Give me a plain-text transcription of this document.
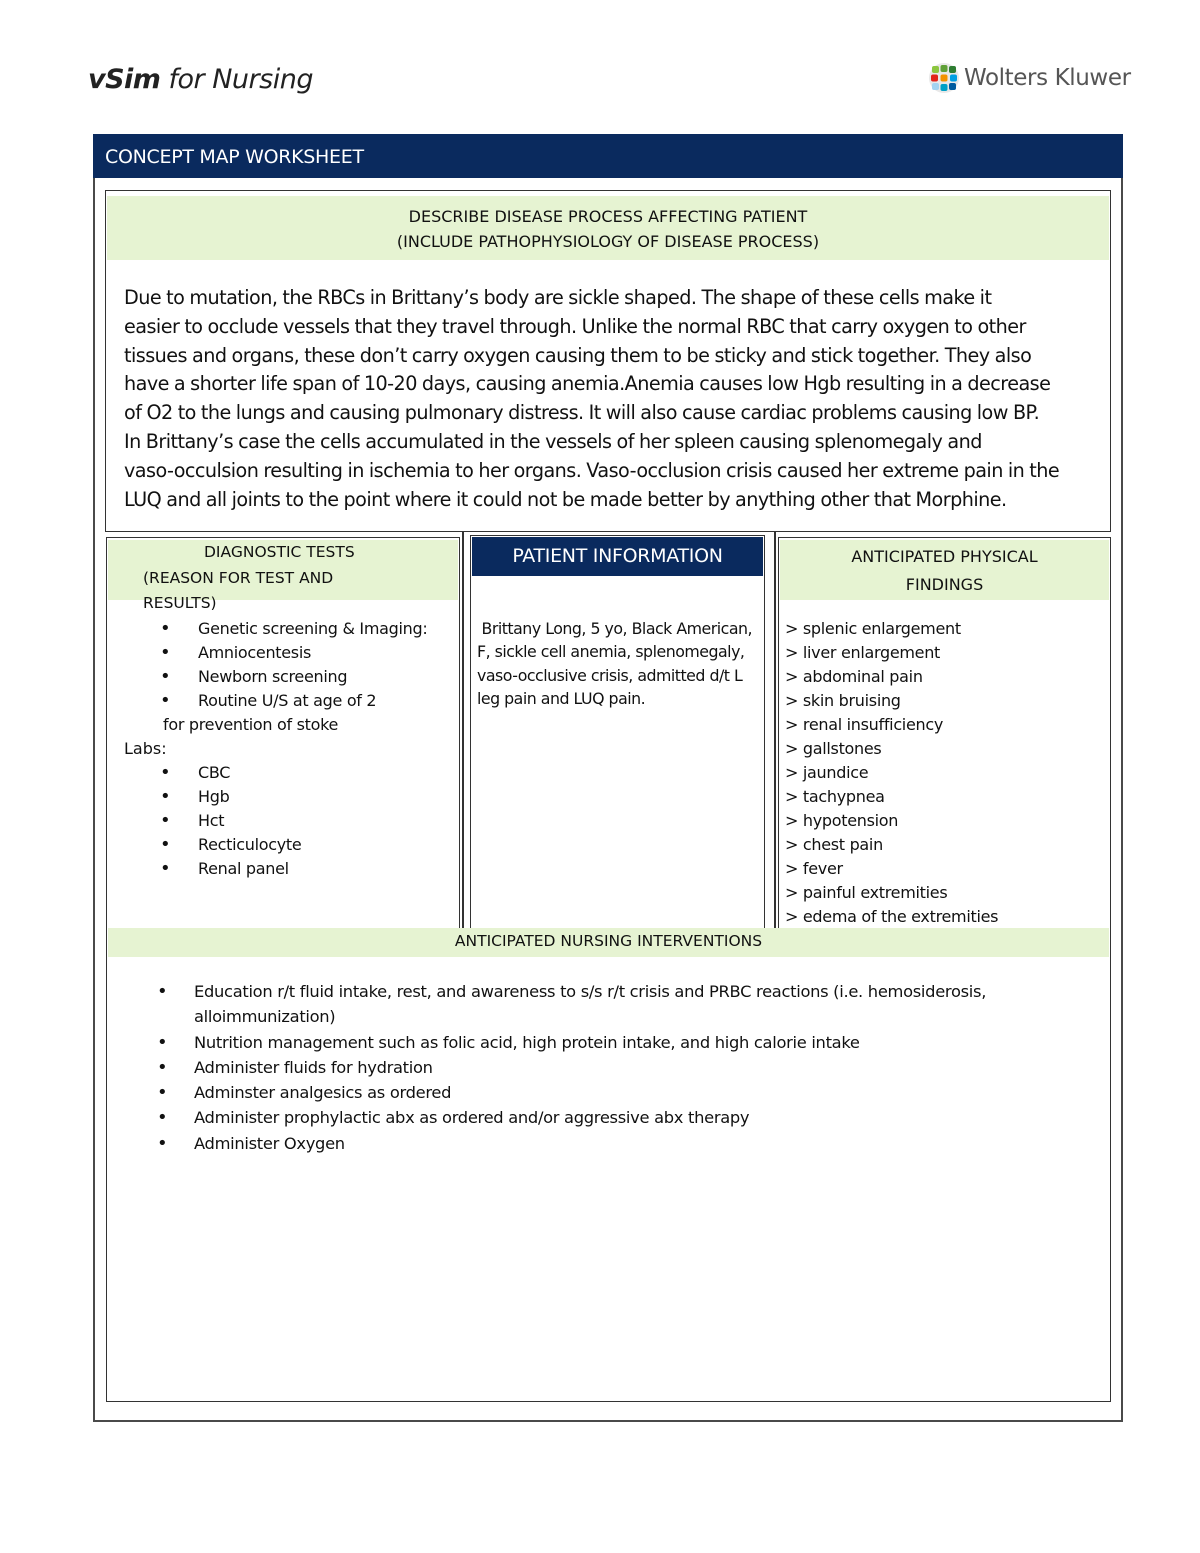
vSim for Nursing	Wolters Kluwer
CONCEPT MAP WORKSHEET
DESCRIBE DISEASE PROCESS AFFECTING PATIENT
(INCLUDE PATHOPHYSIOLOGY OF DISEASE PROCESS)
Due to mutation, the RBCs in Brittany’s body are sickle shaped. The shape of these cells make it
easier to occlude vessels that they travel through. Unlike the normal RBC that carry oxygen to other
tissues and organs, these don’t carry oxygen causing them to be sticky and stick together. They also
have a shorter life span of 10-20 days, causing anemia.Anemia causes low Hgb resulting in a decrease
of O2 to the lungs and causing pulmonary distress. It will also cause cardiac problems causing low BP.
In Brittany’s case the cells accumulated in the vessels of her spleen causing splenomegaly and
vaso-occulsion resulting in ischemia to her organs. Vaso-occlusion crisis caused her extreme pain in the
LUQ and all joints to the point where it could not be made better by anything other that Morphine.
DIAGNOSTIC TESTS
(REASON FOR TEST AND
RESULTS)
• Genetic screening & Imaging:
• Amniocentesis
• Newborn screening
• Routine U/S at age of 2
for prevention of stoke
Labs:
• CBC
• Hgb
• Hct
• Recticulocyte
• Renal panel
PATIENT INFORMATION
Brittany Long, 5 yo, Black American,
F, sickle cell anemia, splenomegaly,
vaso-occlusive crisis, admitted d/t L
leg pain and LUQ pain.
ANTICIPATED PHYSICAL
FINDINGS
> splenic enlargement
> liver enlargement
> abdominal pain
> skin bruising
> renal insufficiency
> gallstones
> jaundice
> tachypnea
> hypotension
> chest pain
> fever
> painful extremities
> edema of the extremities
ANTICIPATED NURSING INTERVENTIONS
• Education r/t fluid intake, rest, and awareness to s/s r/t crisis and PRBC reactions (i.e. hemosiderosis, alloimmunization)
• Nutrition management such as folic acid, high protein intake, and high calorie intake
• Administer fluids for hydration
• Adminster analgesics as ordered
• Administer prophylactic abx as ordered and/or aggressive abx therapy
• Administer Oxygen
